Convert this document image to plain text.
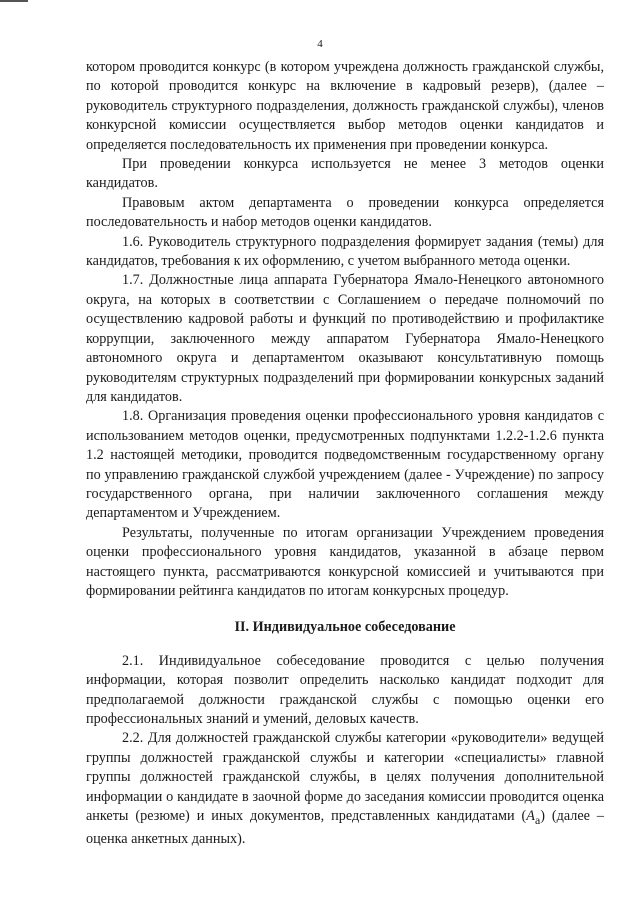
4

котором проводится конкурс (в котором учреждена должность гражданской службы, по которой проводится конкурс на включение в кадровый резерв), (далее – руководитель структурного подразделения, должность гражданской службы), членов конкурсной комиссии осуществляется выбор методов оценки кандидатов и определяется последовательность их применения при проведении конкурса.

При проведении конкурса используется не менее 3 методов оценки кандидатов.

Правовым актом департамента о проведении конкурса определяется последовательность и набор методов оценки кандидатов.

1.6. Руководитель структурного подразделения формирует задания (темы) для кандидатов, требования к их оформлению, с учетом выбранного метода оценки.

1.7. Должностные лица аппарата Губернатора Ямало-Ненецкого автономного округа, на которых в соответствии с Соглашением о передаче полномочий по осуществлению кадровой работы и функций по противодействию и профилактике коррупции, заключенного между аппаратом Губернатора Ямало-Ненецкого автономного округа и департаментом оказывают консультативную помощь руководителям структурных подразделений при формировании конкурсных заданий для кандидатов.

1.8. Организация проведения оценки профессионального уровня кандидатов с использованием методов оценки, предусмотренных подпунктами 1.2.2-1.2.6 пункта 1.2 настоящей методики, проводится подведомственным государственному органу по управлению гражданской службой учреждением (далее - Учреждение) по запросу государственного органа, при наличии заключенного соглашения между департаментом и Учреждением.

Результаты, полученные по итогам организации Учреждением проведения оценки профессионального уровня кандидатов, указанной в абзаце первом настоящего пункта, рассматриваются конкурсной комиссией и учитываются при формировании рейтинга кандидатов по итогам конкурсных процедур.

II. Индивидуальное собеседование

2.1. Индивидуальное собеседование проводится с целью получения информации, которая позволит определить насколько кандидат подходит для предполагаемой должности гражданской службы с помощью оценки его профессиональных знаний и умений, деловых качеств.

2.2. Для должностей гражданской службы категории «руководители» ведущей группы должностей гражданской службы и категории «специалисты» главной группы должностей гражданской службы, в целях получения дополнительной информации о кандидате в заочной форме до заседания комиссии проводится оценка анкеты (резюме) и иных документов, представленных кандидатами $(A_a)$ (далее – оценка анкетных данных).
